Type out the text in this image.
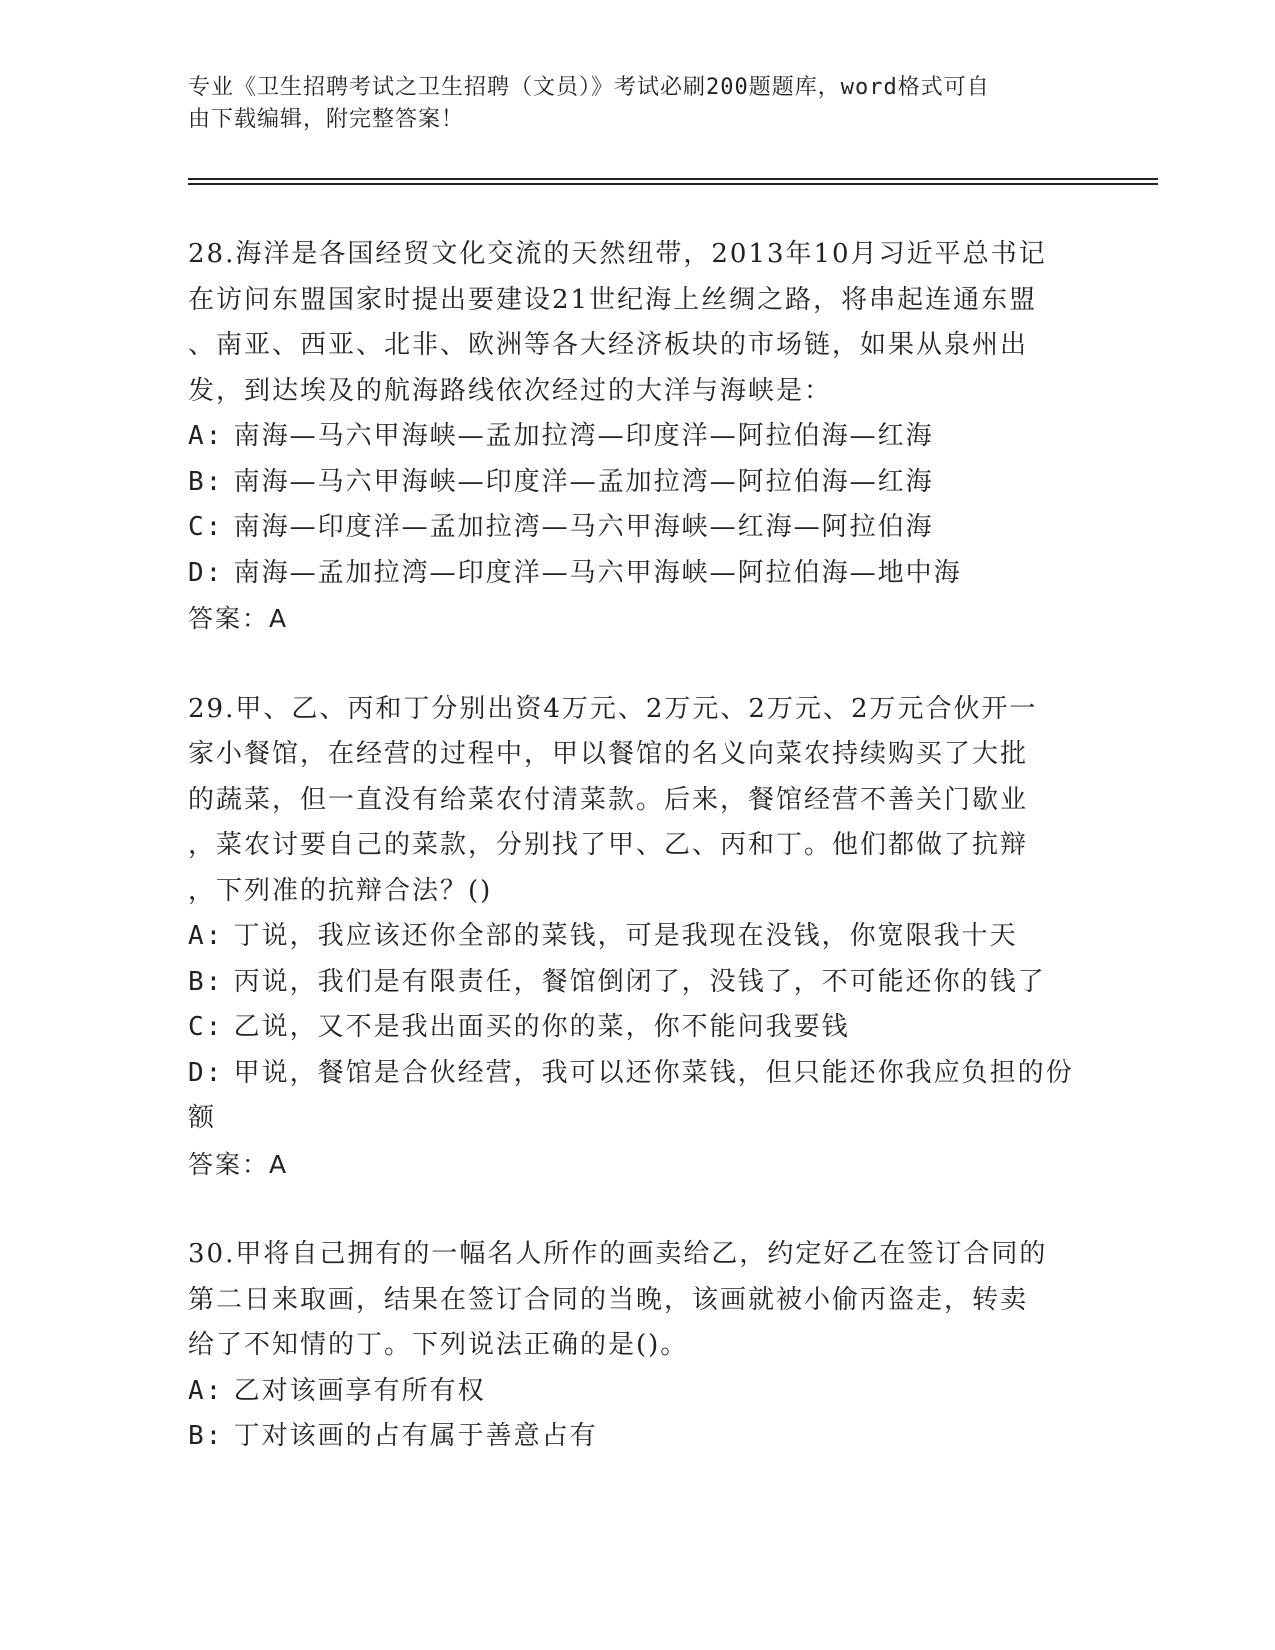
专业《卫生招聘考试之卫生招聘（文员）》考试必刷200题题库，word格式可自
由下载编辑，附完整答案！

28.海洋是各国经贸文化交流的天然纽带，2013年10月习近平总书记

在访问东盟国家时提出要建设21世纪海上丝绸之路，将串起连通东盟

、南亚、西亚、北非、欧洲等各大经济板块的市场链，如果从泉州出

发，到达埃及的航海路线依次经过的大洋与海峡是：

A: 南海—马六甲海峡—孟加拉湾—印度洋—阿拉伯海—红海

B: 南海—马六甲海峡—印度洋—孟加拉湾—阿拉伯海—红海

C: 南海—印度洋—孟加拉湾—马六甲海峡—红海—阿拉伯海

D: 南海—孟加拉湾—印度洋—马六甲海峡—阿拉伯海—地中海

答案：A

29.甲、乙、丙和丁分别出资4万元、2万元、2万元、2万元合伙开一

家小餐馆，在经营的过程中，甲以餐馆的名义向菜农持续购买了大批

的蔬菜，但一直没有给菜农付清菜款。后来，餐馆经营不善关门歇业

，菜农讨要自己的菜款，分别找了甲、乙、丙和丁。他们都做了抗辩

，下列准的抗辩合法？()

A: 丁说，我应该还你全部的菜钱，可是我现在没钱，你宽限我十天

B: 丙说，我们是有限责任，餐馆倒闭了，没钱了，不可能还你的钱了

C: 乙说，又不是我出面买的你的菜，你不能问我要钱

D: 甲说，餐馆是合伙经营，我可以还你菜钱，但只能还你我应负担的份额

答案：A

30.甲将自己拥有的一幅名人所作的画卖给乙，约定好乙在签订合同的

第二日来取画，结果在签订合同的当晚，该画就被小偷丙盗走，转卖

给了不知情的丁。下列说法正确的是()。

A: 乙对该画享有所有权

B: 丁对该画的占有属于善意占有
